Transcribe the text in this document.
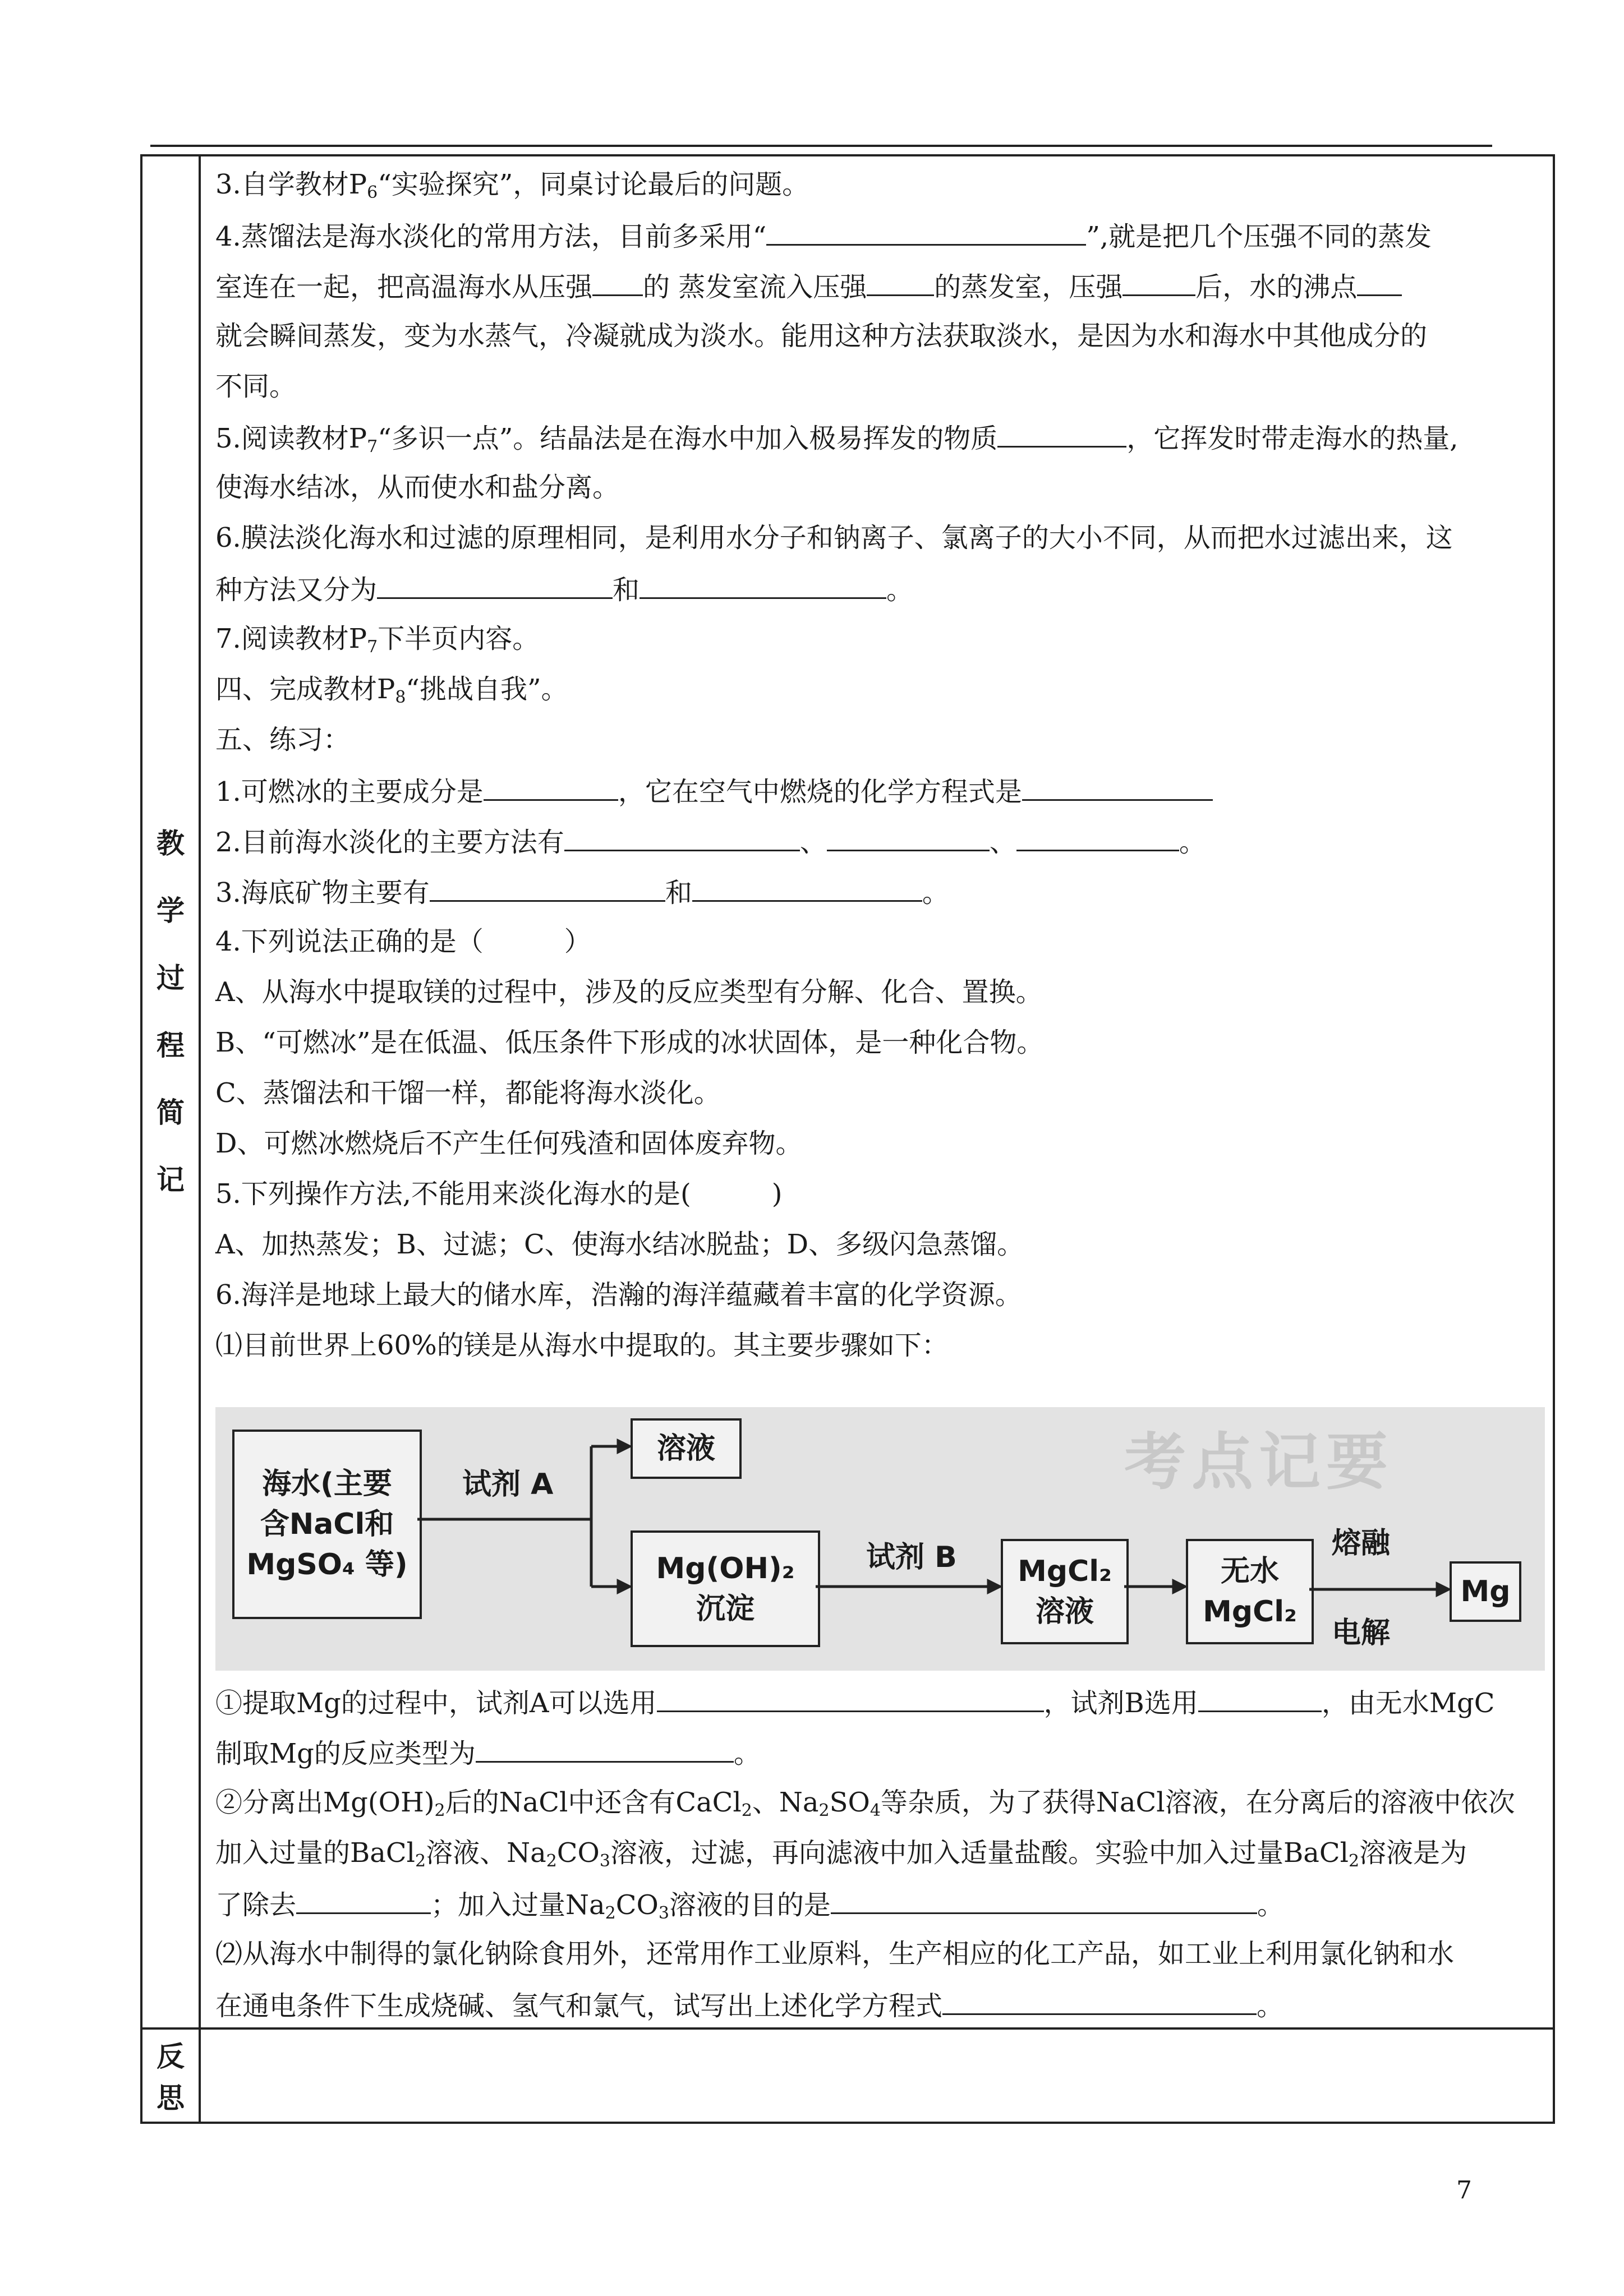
教
学
过
程
简
记
反
思
3.自学教材$P_6“$实验探究”，同桌讨论最后的问题。
4.蒸馏法是海水淡化的常用方法，目前多采用“	”,就是把几个压强不同的蒸发
室连在一起，把高温海水从压强 的 蒸发室流入压强	的蒸发室，压强	后，水的沸点
就会瞬间蒸发，变为水蒸气，冷凝就成为淡水。能用这种方法获取淡水，是因为水和海水中其他成分的
不同。
5.阅读教材$P_7“$多识一点”。结晶法是在海水中加入极易挥发的物质	，它挥发时带走海水的热量,
使海水结冰，从而使水和盐分离。
6.膜法淡化海水和过滤的原理相同，是利用水分子和钠离子、氯离子的大小不同，从而把水过滤出来，这
种方法又分为	和	。
7.阅读教材$P_7$下半页内容。
四、完成教材$P_8“$挑战自我”。
五、练习：
1.可燃冰的主要成分是	，它在空气中燃烧的化学方程式是
2.目前海水淡化的主要方法有	、	、	。
3.海底矿物主要有	和	。
4.下列说法正确的是（　　　）
A、从海水中提取镁的过程中，涉及的反应类型有分解、化合、置换。
B、“可燃冰”是在低温、低压条件下形成的冰状固体，是一种化合物。
C、蒸馏法和干馏一样，都能将海水淡化。
D、可燃冰燃烧后不产生任何残渣和固体废弃物。
5.下列操作方法,不能用来淡化海水的是(　　　)
A、加热蒸发；B、过滤；C、使海水结冰脱盐；D、多级闪急蒸馏。
6.海洋是地球上最大的储水库，浩瀚的海洋蕴藏着丰富的化学资源。
⑴目前世界上60%的镁是从海水中提取的。其主要步骤如下：
①提取Mg的过程中，试剂A可以选用	，试剂B选用	，由无水MgC
制取Mg的反应类型为	。
②分离出$Mg(OH)_2$后的NaCl中还含有CaCl$_2$、$Na_2SO_4$等杂质，为了获得NaCl溶液，在分离后的溶液中依次
加入过量的BaCl$_2$溶液、$Na_2CO_3$溶液，过滤，再向滤液中加入适量盐酸。实验中加入过量BaCl$_2$溶液是为
了除去	；加入过量$Na_2CO_3$溶液的目的是	。
⑵从海水中制得的氯化钠除食用外，还常用作工业原料，生产相应的化工产品，如工业上利用氯化钠和水
在通电条件下生成烧碱、氢气和氯气，试写出上述化学方程式	。
考点记要
海水(主要
含NaCl和
MgSO₄ 等)
溶液
Mg(OH)₂
沉淀
MgCl₂
溶液
无水
MgCl₂
Mg
试剂 A
试剂 B	熔融
电解
7
